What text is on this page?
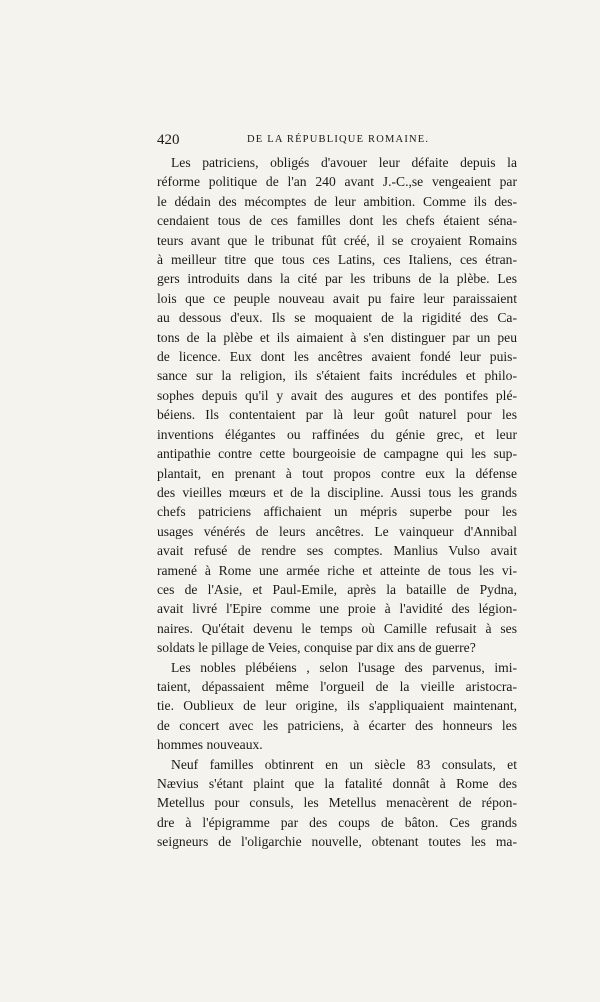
420	DE LA RÉPUBLIQUE ROMAINE.

Les patriciens, obligés d'avouer leur défaite depuis la
réforme politique de l'an 240 avant J.-C.,se vengeaient par
le dédain des mécomptes de leur ambition. Comme ils des-
cendaient tous de ces familles dont les chefs étaient séna-
teurs avant que le tribunat fût créé, il se croyaient Romains
à meilleur titre que tous ces Latins, ces Italiens, ces étran-
gers introduits dans la cité par les tribuns de la plèbe. Les
lois que ce peuple nouveau avait pu faire leur paraissaient
au dessous d'eux. Ils se moquaient de la rigidité des Ca-
tons de la plèbe et ils aimaient à s'en distinguer par un peu
de licence. Eux dont les ancêtres avaient fondé leur puis-
sance sur la religion, ils s'étaient faits incrédules et philo-
sophes depuis qu'il y avait des augures et des pontifes plé-
béiens. Ils contentaient par là leur goût naturel pour les
inventions élégantes ou raffinées du génie grec, et leur
antipathie contre cette bourgeoisie de campagne qui les sup-
plantait, en prenant à tout propos contre eux la défense
des vieilles mœurs et de la discipline. Aussi tous les grands
chefs patriciens affichaient un mépris superbe pour les
usages vénérés de leurs ancêtres. Le vainqueur d'Annibal
avait refusé de rendre ses comptes. Manlius Vulso avait
ramené à Rome une armée riche et atteinte de tous les vi-
ces de l'Asie, et Paul-Emile, après la bataille de Pydna,
avait livré l'Epire comme une proie à l'avidité des légion-
naires. Qu'était devenu le temps où Camille refusait à ses
soldats le pillage de Veies, conquise par dix ans de guerre?

Les nobles plébéiens , selon l'usage des parvenus, imi-
taient, dépassaient même l'orgueil de la vieille aristocra-
tie. Oublieux de leur origine, ils s'appliquaient maintenant,
de concert avec les patriciens, à écarter des honneurs les
hommes nouveaux.

Neuf familles obtinrent en un siècle 83 consulats, et
Nævius s'étant plaint que la fatalité donnât à Rome des
Metellus pour consuls, les Metellus menacèrent de répon-
dre à l'épigramme par des coups de bâton. Ces grands
seigneurs de l'oligarchie nouvelle, obtenant toutes les ma-
